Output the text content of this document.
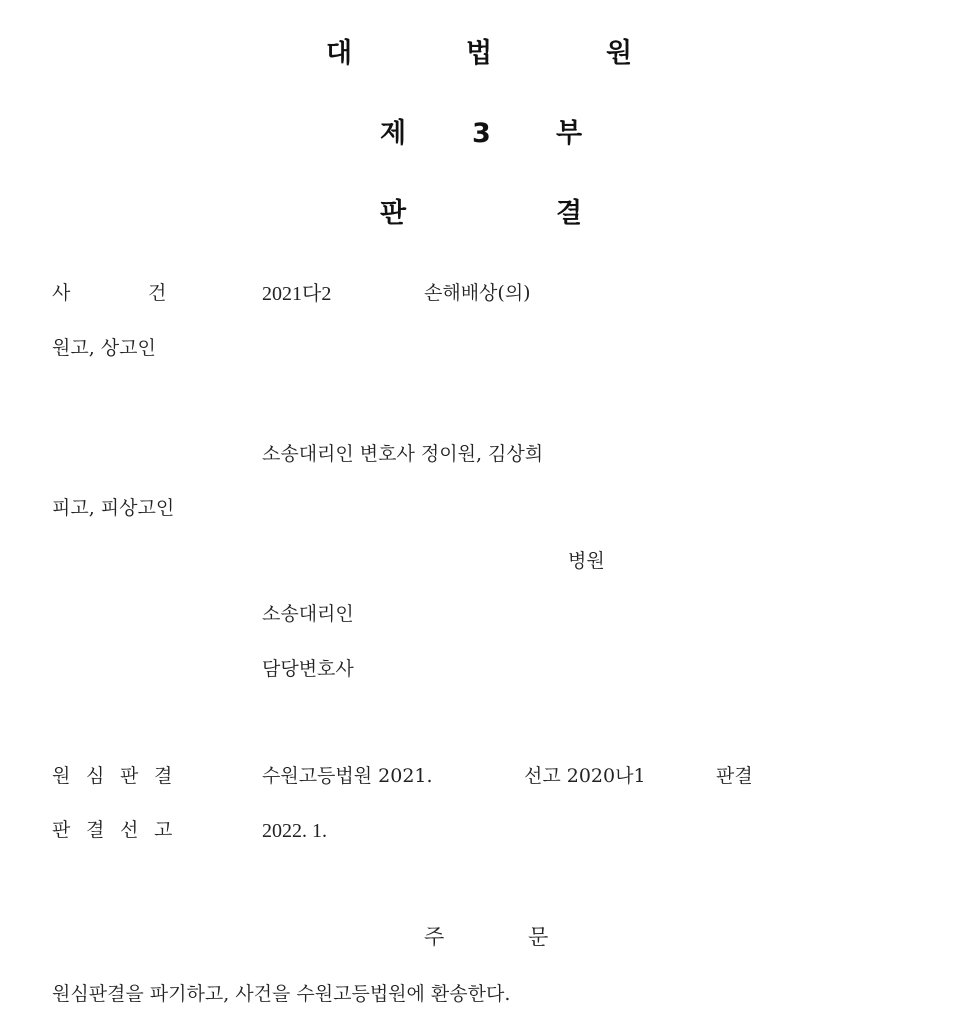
대	법	원
제 3 부
판	결
사	건	2021다2	손해배상(의)
원고, 상고인
소송대리인 변호사 정이원, 김상희
피고, 피상고인
병원
소송대리인
담당변호사
원 심 판 결	수원고등법원 2021.	선고 2020나1	판결
판 결 선 고	2022. 1.
주	문
원심판결을 파기하고, 사건을 수원고등법원에 환송한다.
